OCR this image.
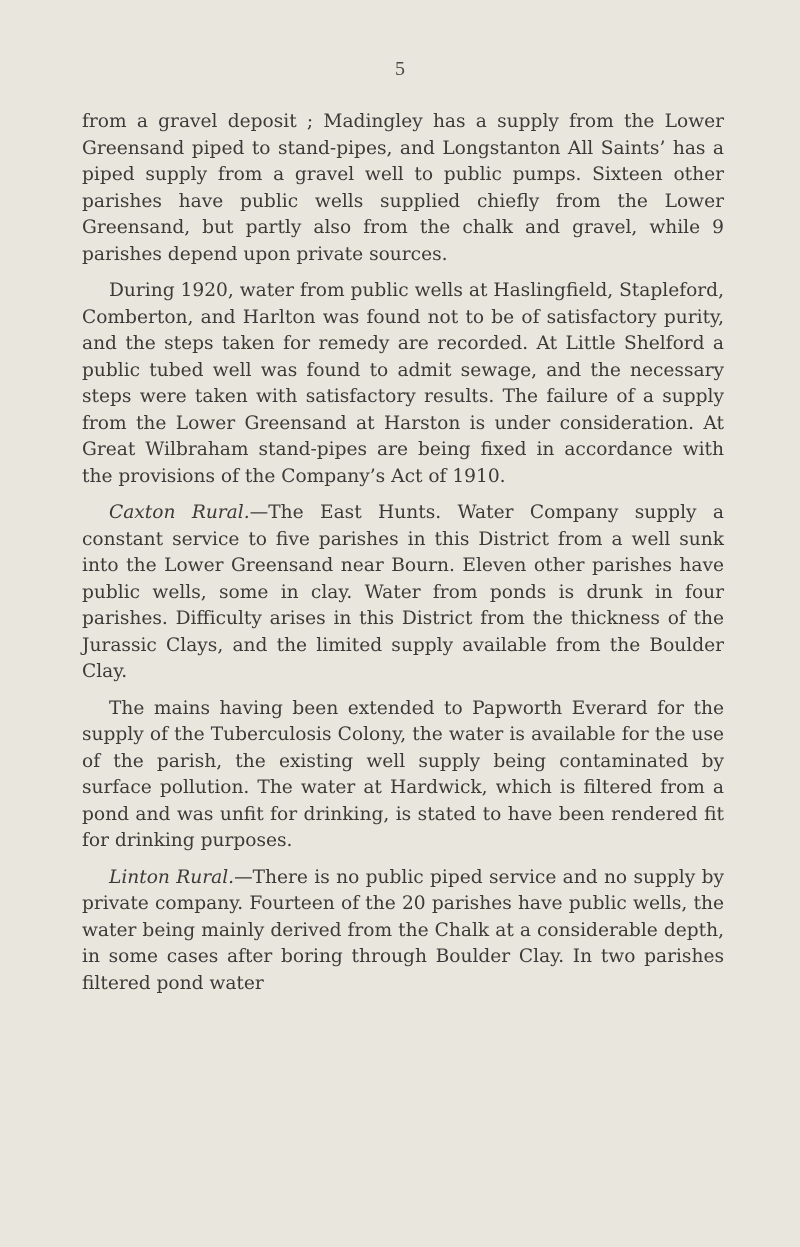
5

from a gravel deposit ; Madingley has a supply from the Lower Greensand piped to stand-pipes, and Longstanton All Saints’ has a piped supply from a gravel well to public pumps. Sixteen other parishes have public wells supplied chiefly from the Lower Greensand, but partly also from the chalk and gravel, while 9 parishes depend upon private sources.

During 1920, water from public wells at Haslingfield, Stapleford, Comberton, and Harlton was found not to be of satisfactory purity, and the steps taken for remedy are recorded. At Little Shelford a public tubed well was found to admit sewage, and the necessary steps were taken with satisfactory results. The failure of a supply from the Lower Greensand at Harston is under consideration. At Great Wilbraham stand-pipes are being fixed in accordance with the provisions of the Company’s Act of 1910.

Caxton Rural.—The East Hunts. Water Company supply a constant service to five parishes in this District from a well sunk into the Lower Greensand near Bourn. Eleven other parishes have public wells, some in clay. Water from ponds is drunk in four parishes. Difficulty arises in this District from the thickness of the Jurassic Clays, and the limited supply available from the Boulder Clay.

The mains having been extended to Papworth Everard for the supply of the Tuberculosis Colony, the water is available for the use of the parish, the existing well supply being contaminated by surface pollution. The water at Hardwick, which is filtered from a pond and was unfit for drinking, is stated to have been rendered fit for drinking purposes.

Linton Rural.—There is no public piped service and no supply by private company. Fourteen of the 20 parishes have public wells, the water being mainly derived from the Chalk at a considerable depth, in some cases after boring through Boulder Clay. In two parishes filtered pond water
